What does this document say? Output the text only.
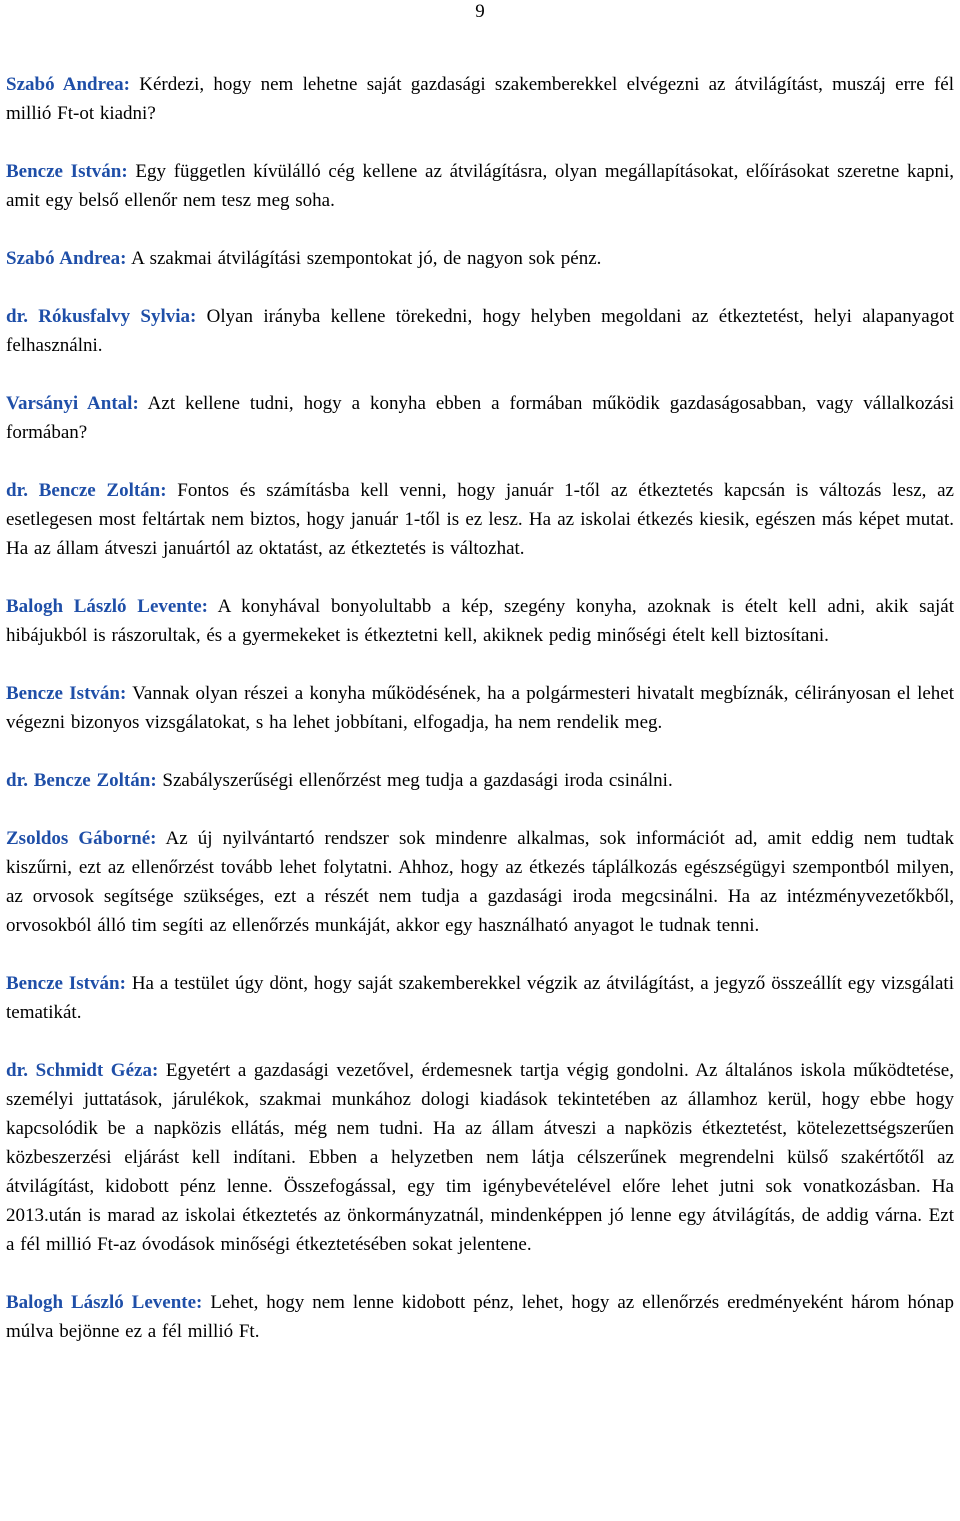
9

Szabó Andrea: Kérdezi, hogy nem lehetne saját gazdasági szakemberekkel elvégezni az átvilágítást, muszáj erre fél millió Ft-ot kiadni?

Bencze István: Egy független kívülálló cég kellene az átvilágításra, olyan megállapításokat, előírásokat szeretne kapni, amit egy belső ellenőr nem tesz meg soha.

Szabó Andrea: A szakmai átvilágítási szempontokat jó, de nagyon sok pénz.

dr. Rókusfalvy Sylvia: Olyan irányba kellene törekedni, hogy helyben megoldani az étkeztetést, helyi alapanyagot felhasználni.

Varsányi Antal: Azt kellene tudni, hogy a konyha ebben a formában működik gazdaságosabban, vagy vállalkozási formában?

dr. Bencze Zoltán: Fontos és számításba kell venni, hogy január 1-től az étkeztetés kapcsán is változás lesz, az esetlegesen most feltártak nem biztos, hogy január 1-től is ez lesz. Ha az iskolai étkezés kiesik, egészen más képet mutat. Ha az állam átveszi januártól az oktatást, az étkeztetés is változhat.

Balogh László Levente: A konyhával bonyolultabb a kép, szegény konyha, azoknak is ételt kell adni, akik saját hibájukból is rászorultak, és a gyermekeket is étkeztetni kell, akiknek pedig minőségi ételt kell biztosítani.

Bencze István: Vannak olyan részei a konyha működésének, ha a polgármesteri hivatalt megbíznák, célirányosan el lehet végezni bizonyos vizsgálatokat, s ha lehet jobbítani, elfogadja, ha nem rendelik meg.

dr. Bencze Zoltán: Szabályszerűségi ellenőrzést meg tudja a gazdasági iroda csinálni.

Zsoldos Gáborné: Az új nyilvántartó rendszer sok mindenre alkalmas, sok információt ad, amit eddig nem tudtak kiszűrni, ezt az ellenőrzést tovább lehet folytatni. Ahhoz, hogy az étkezés táplálkozás egészségügyi szempontból milyen, az orvosok segítsége szükséges, ezt a részét nem tudja a gazdasági iroda megcsinálni. Ha az intézményvezetőkből, orvosokból álló tim segíti az ellenőrzés munkáját, akkor egy használható anyagot le tudnak tenni.

Bencze István: Ha a testület úgy dönt, hogy saját szakemberekkel végzik az átvilágítást, a jegyző összeállít egy vizsgálati tematikát.

dr. Schmidt Géza: Egyetért a gazdasági vezetővel, érdemesnek tartja végig gondolni. Az általános iskola működtetése, személyi juttatások, járulékok, szakmai munkához dologi kiadások tekintetében az államhoz kerül, hogy ebbe hogy kapcsolódik be a napközis ellátás, még nem tudni. Ha az állam átveszi a napközis étkeztetést, kötelezettségszerűen közbeszerzési eljárást kell indítani. Ebben a helyzetben nem látja célszerűnek megrendelni külső szakértőtől az átvilágítást, kidobott pénz lenne. Összefogással, egy tim igénybevételével előre lehet jutni sok vonatkozásban. Ha 2013.után is marad az iskolai étkeztetés az önkormányzatnál, mindenképpen jó lenne egy átvilágítás, de addig várna. Ezt a fél millió Ft-az óvodások minőségi étkeztetésében sokat jelentene.

Balogh László Levente: Lehet, hogy nem lenne kidobott pénz, lehet, hogy az ellenőrzés eredményeként három hónap múlva bejönne ez a fél millió Ft.
